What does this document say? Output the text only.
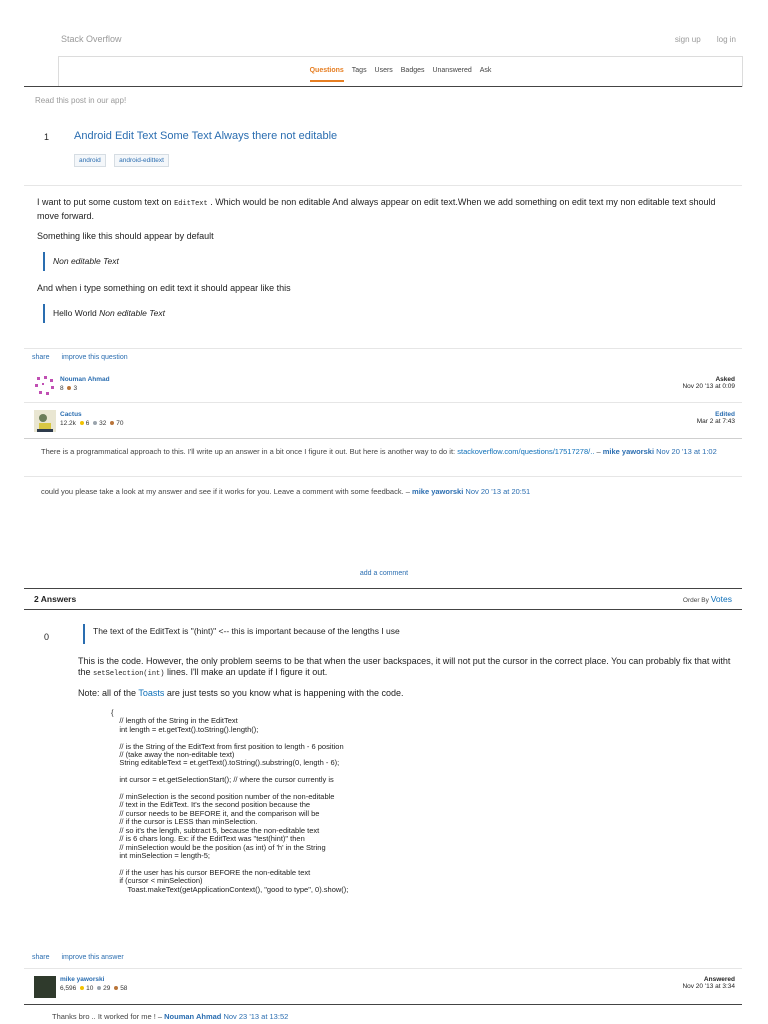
Stack Overflow	sign up log in
Questions Tags Users Badges Unanswered Ask
Read this post in our app!
1 Android Edit Text Some Text Always there not editable
android	android-edittext

I want to put some custom text on EditText . Which would be non editable And always appear on edit text.When we add something on edit text my non editable text should move forward.

Something like this should appear by default

Non editable Text

And when i type something on edit text it should appear like this

Hello World Non editable Text
share improve this question
Nouman Ahmad
8 3
Asked
Nov 20 '13 at 0:09
Cactus
12.2k 6 32 70
Edited
Mar 2 at 7:43
There is a programmatical approach to this. I'll write up an answer in a bit once I figure it out. But here is another way to do it: stackoverflow.com/questions/17517278/.. – mike yaworski Nov 20 '13 at 1:02
could you please take a look at my answer and see if it works for you. Leave a comment with some feedback. – mike yaworski Nov 20 '13 at 20:51
add a comment
2 Answers	Order By Votes
0
The text of the EditText is "(hint)" <-- this is important because of the lengths I use

This is the code. However, the only problem seems to be that when the user backspaces, it will not put the cursor in the correct place. You can probably fix that witht the setSelection(int) lines. I'll make an update if I figure it out.

Note: all of the Toasts are just tests so you know what is happening with the code.

{
// length of the String in the EditText
int length = et.getText().toString().length();

// is the String of the EditText from first position to length - 6 position
// (take away the non-editable text)
String editableText = et.getText().toString().substring(0, length - 6);

int cursor = et.getSelectionStart(); // where the cursor currently is

// minSelection is the second position number of the non-editable
// text in the EditText. It's the second position because the
// cursor needs to be BEFORE it, and the comparison will be
// if the cursor is LESS than minSelection.
// so it's the length, subtract 5, because the non-editable text
// is 6 chars long. Ex: if the EditText was "test(hint)" then
// minSelection would be the position (as int) of 'h' in the String
int minSelection = length-5;

// if the user has his cursor BEFORE the non-editable text
if (cursor < minSelection)
Toast.makeText(getApplicationContext(), "good to type", 0).show();
share improve this answer
mike yaworski
6,596 10 29 58
Answered
Nov 20 '13 at 3:34
Thanks bro .. It worked for me ! – Nouman Ahmad Nov 23 '13 at 13:52
